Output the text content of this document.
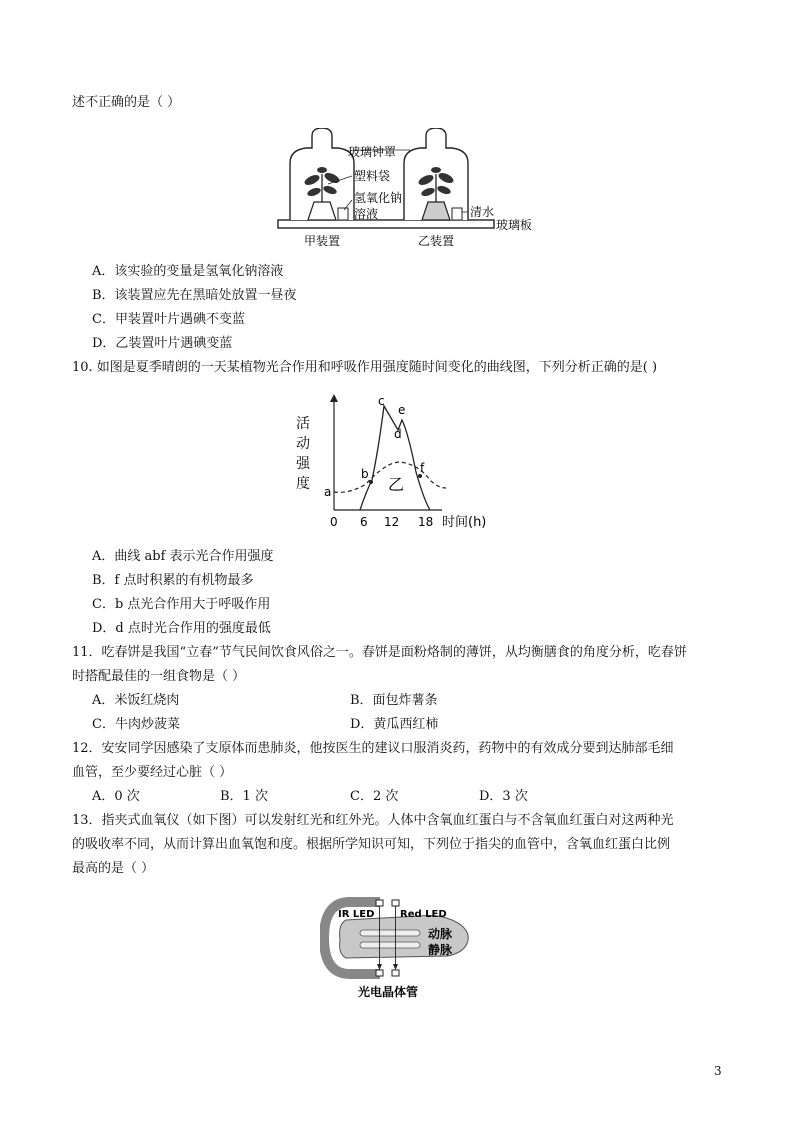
述不正确的是（ ）
玻璃钟罩
塑料袋
氢氧化钠
溶液	清水
玻璃板
甲装置	乙装置
A．该实验的变量是氢氧化钠溶液
B．该装置应先在黑暗处放置一昼夜
C．甲装置叶片遇碘不变蓝
D．乙装置叶片遇碘变蓝
10. 如图是夏季晴朗的一天某植物光合作用和呼吸作用强度随时间变化的曲线图，下列分析正确的是( )
活
动
强
度
0 6 12 18 时间(h)
a
b
c
d
e
f
乙
A．曲线 abf 表示光合作用强度
B．f 点时积累的有机物最多
C．b 点光合作用大于呼吸作用
D．d 点时光合作用的强度最低
11．吃春饼是我国“立春”节气民间饮食风俗之一。春饼是面粉烙制的薄饼，从均衡膳食的角度分析，吃春饼
时搭配最佳的一组食物是（ ）
A．米饭红烧肉	B．面包炸薯条
C．牛肉炒菠菜	D．黄瓜西红柿
12．安安同学因感染了支原体而患肺炎，他按医生的建议口服消炎药，药物中的有效成分要到达肺部毛细
血管，至少要经过心脏（ ）
A．0 次	B．1 次	C．2 次	D．3 次
13．指夹式血氧仪（如下图）可以发射红光和红外光。人体中含氧血红蛋白与不含氧血红蛋白对这两种光
的吸收率不同，从而计算出血氧饱和度。根据所学知识可知，下列位于指尖的血管中，含氧血红蛋白比例
最高的是（ ）
IR LED	Red LED
动脉
静脉
光电晶体管
3
